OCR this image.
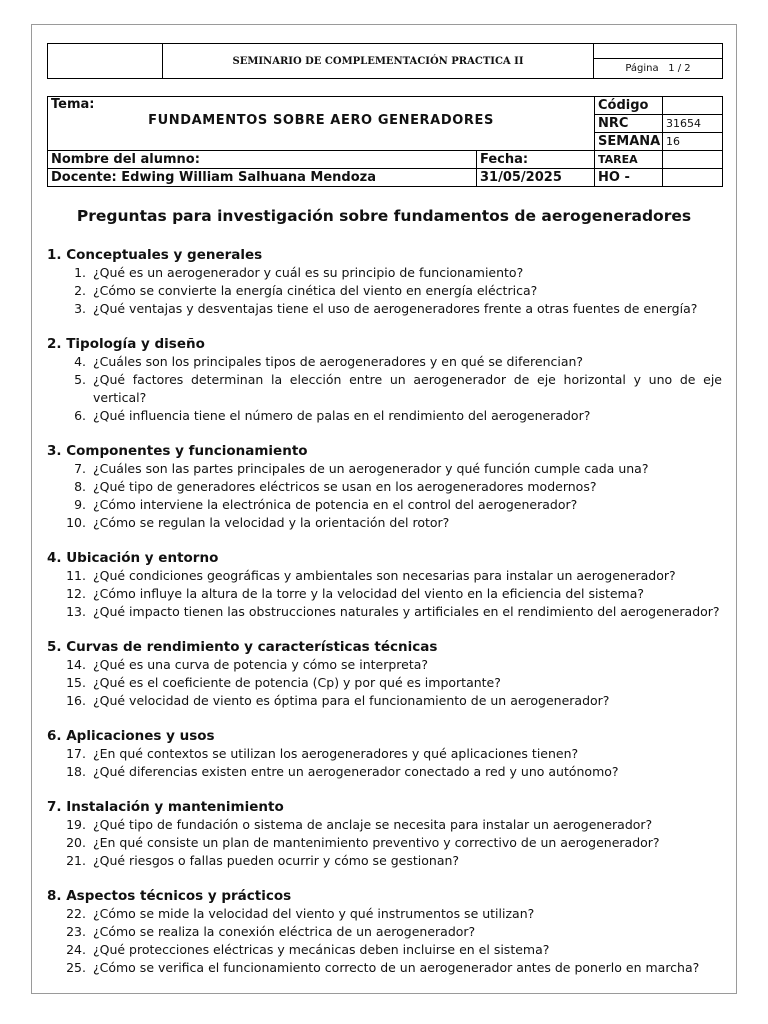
	SEMINARIO DE COMPLEMENTACIÓN PRACTICA II	
Página 1 / 2
Tema:
FUNDAMENTOS SOBRE AERO GENERADORES		Código	
		NRC	31654
		SEMANA	16
Nombre del alumno:	Fecha:	TAREA	
Docente: Edwing William Salhuana Mendoza	31/05/2025	HO -	
Preguntas para investigación sobre fundamentos de aerogeneradores
1. Conceptuales y generales
1. ¿Qué es un aerogenerador y cuál es su principio de funcionamiento?
2. ¿Cómo se convierte la energía cinética del viento en energía eléctrica?
3. ¿Qué ventajas y desventajas tiene el uso de aerogeneradores frente a otras fuentes de energía?
2. Tipología y diseño
4. ¿Cuáles son los principales tipos de aerogeneradores y en qué se diferencian?
5. ¿Qué factores determinan la elección entre un aerogenerador de eje horizontal y uno de eje vertical?
6. ¿Qué influencia tiene el número de palas en el rendimiento del aerogenerador?
3. Componentes y funcionamiento
7. ¿Cuáles son las partes principales de un aerogenerador y qué función cumple cada una?
8. ¿Qué tipo de generadores eléctricos se usan en los aerogeneradores modernos?
9. ¿Cómo interviene la electrónica de potencia en el control del aerogenerador?
10. ¿Cómo se regulan la velocidad y la orientación del rotor?
4. Ubicación y entorno
11. ¿Qué condiciones geográficas y ambientales son necesarias para instalar un aerogenerador?
12. ¿Cómo influye la altura de la torre y la velocidad del viento en la eficiencia del sistema?
13. ¿Qué impacto tienen las obstrucciones naturales y artificiales en el rendimiento del aerogenerador?
5. Curvas de rendimiento y características técnicas
14. ¿Qué es una curva de potencia y cómo se interpreta?
15. ¿Qué es el coeficiente de potencia (Cp) y por qué es importante?
16. ¿Qué velocidad de viento es óptima para el funcionamiento de un aerogenerador?
6. Aplicaciones y usos
17. ¿En qué contextos se utilizan los aerogeneradores y qué aplicaciones tienen?
18. ¿Qué diferencias existen entre un aerogenerador conectado a red y uno autónomo?
7. Instalación y mantenimiento
19. ¿Qué tipo de fundación o sistema de anclaje se necesita para instalar un aerogenerador?
20. ¿En qué consiste un plan de mantenimiento preventivo y correctivo de un aerogenerador?
21. ¿Qué riesgos o fallas pueden ocurrir y cómo se gestionan?
8. Aspectos técnicos y prácticos
22. ¿Cómo se mide la velocidad del viento y qué instrumentos se utilizan?
23. ¿Cómo se realiza la conexión eléctrica de un aerogenerador?
24. ¿Qué protecciones eléctricas y mecánicas deben incluirse en el sistema?
25. ¿Cómo se verifica el funcionamiento correcto de un aerogenerador antes de ponerlo en marcha?
